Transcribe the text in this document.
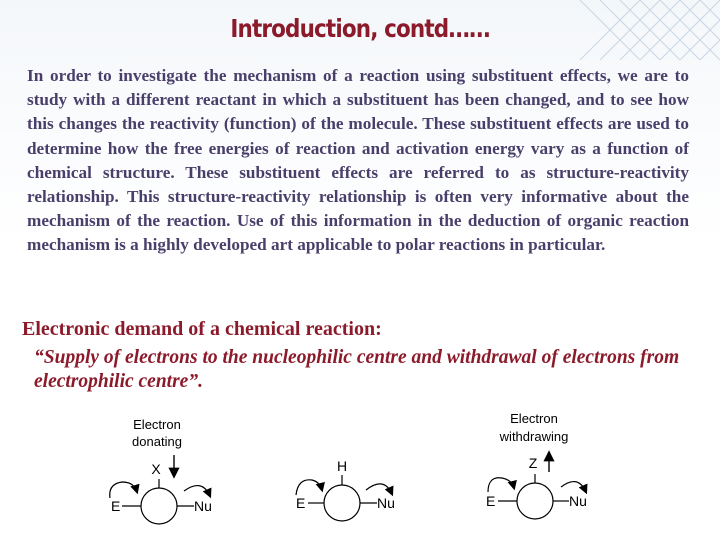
Introduction, contd……

In order to investigate the mechanism of a reaction using substituent effects, we are to study with a different reactant in which a substituent has been changed, and to see how this changes the reactivity (function) of the molecule. These substituent effects are used to determine how the free energies of reaction and activation energy vary as a function of chemical structure. These substituent effects are referred to as structure-reactivity relationship. This structure-reactivity relationship is often very informative about the mechanism of the reaction. Use of this information in the deduction of organic reaction mechanism is a highly developed art applicable to polar reactions in particular.

Electronic demand of a chemical reaction:

“Supply of electrons to the nucleophilic centre and withdrawal of electrons from electrophilic centre”.

Electron
donating
X
E	Nu
H
E	Nu
Electron
withdrawing
Z
E	Nu
